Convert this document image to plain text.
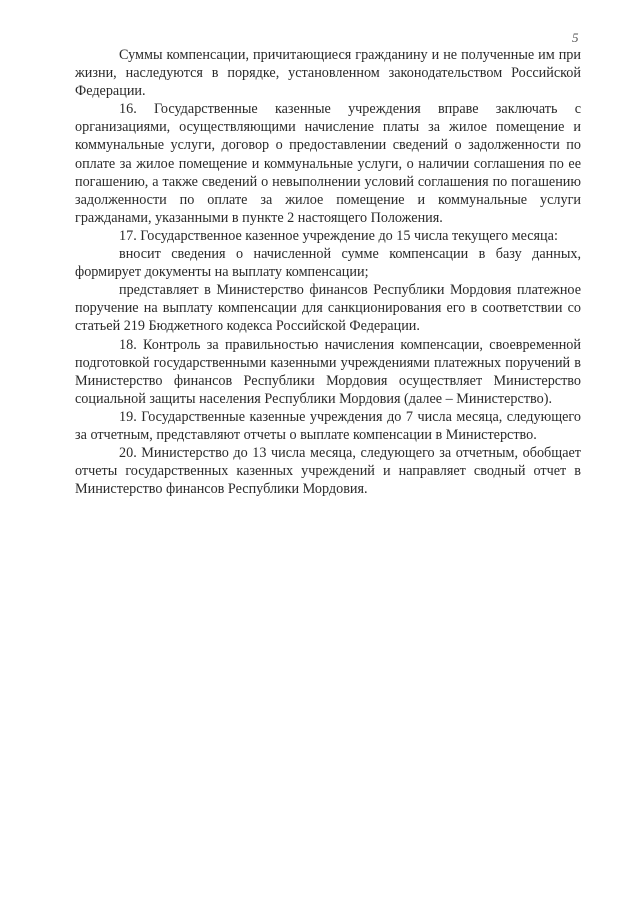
5

Суммы компенсации, причитающиеся гражданину и не полученные им при жизни, наследуются в порядке, установленном законодательством Российской Федерации.

16. Государственные казенные учреждения вправе заключать с организациями, осуществляющими начисление платы за жилое помещение и коммунальные услуги, договор о предоставлении сведений о задолженности по оплате за жилое помещение и коммунальные услуги, о наличии соглашения по ее погашению, а также сведений о невыполнении условий соглашения по погашению задолженности по оплате за жилое помещение и коммунальные услуги гражданами, указанными в пункте 2 настоящего Положения.

17. Государственное казенное учреждение до 15 числа текущего месяца:

вносит сведения о начисленной сумме компенсации в базу данных, формирует документы на выплату компенсации;

представляет в Министерство финансов Республики Мордовия платежное поручение на выплату компенсации для санкционирования его в соответствии со статьей 219 Бюджетного кодекса Российской Федерации.

18. Контроль за правильностью начисления компенсации, своевременной подготовкой государственными казенными учреждениями платежных поручений в Министерство финансов Республики Мордовия осуществляет Министерство социальной защиты населения Республики Мордовия (далее – Министерство).

19. Государственные казенные учреждения до 7 числа месяца, следующего за отчетным, представляют отчеты о выплате компенсации в Министерство.

20. Министерство до 13 числа месяца, следующего за отчетным, обобщает отчеты государственных казенных учреждений и направляет сводный отчет в Министерство финансов Республики Мордовия.
